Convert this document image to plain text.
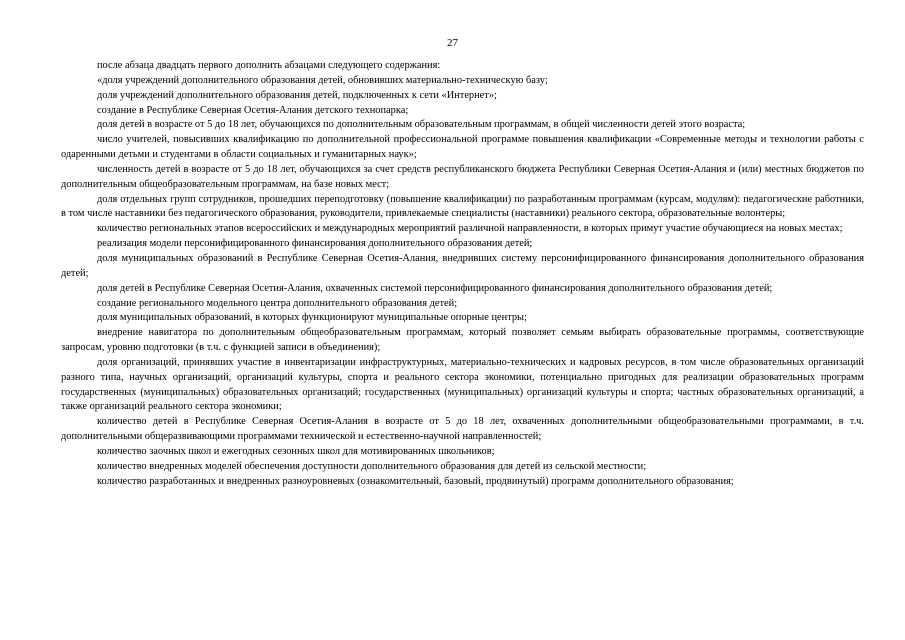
27

после абзаца двадцать первого дополнить абзацами следующего содержания:

«доля учреждений дополнительного образования детей, обновивших материально-техническую базу;

доля учреждений дополнительного образования детей, подключенных к сети «Интернет»;

создание в Республике Северная Осетия-Алания детского технопарка;

доля детей в возрасте от 5 до 18 лет, обучающихся по дополнительным образовательным программам, в общей численности детей этого возраста;

число учителей, повысивших квалификацию по дополнительной профессиональной программе повышения квалификации «Современные методы и технологии работы с одаренными детьми и студентами в области социальных и гуманитарных наук»;

численность детей в возрасте от 5 до 18 лет, обучающихся за счет средств республиканского бюджета Республики Северная Осетия-Алания и (или) местных бюджетов по дополнительным общеобразовательным программам, на базе новых мест;

доля отдельных групп сотрудников, прошедших переподготовку (повышение квалификации) по разработанным программам (курсам, модулям): педагогические работники, в том числе наставники без педагогического образования, руководители, привлекаемые специалисты (наставники) реального сектора, образовательные волонтеры;

количество региональных этапов всероссийских и международных мероприятий различной направленности, в которых примут участие обучающиеся на новых местах;

реализация модели персонифицированного финансирования дополнительного образования детей;

доля муниципальных образований в Республике Северная Осетия-Алания, внедривших систему персонифицированного финансирования дополнительного образования детей;

доля детей в Республике Северная Осетия-Алания, охваченных системой персонифицированного финансирования дополнительного образования детей;

создание регионального модельного центра дополнительного образования детей;

доля муниципальных образований, в которых функционируют муниципальные опорные центры;

внедрение навигатора по дополнительным общеобразовательным программам, который позволяет семьям выбирать образовательные программы, соответствующие запросам, уровню подготовки (в т.ч. с функцией записи в объединения);

доля организаций, принявших участие в инвентаризации инфраструктурных, материально-технических и кадровых ресурсов, в том числе образовательных организаций разного типа, научных организаций, организаций культуры, спорта и реального сектора экономики, потенциально пригодных для реализации образовательных программ государственных (муниципальных) образовательных организаций; государственных (муниципальных) организаций культуры и спорта; частных образовательных организаций, а также организаций реального сектора экономики;

количество детей в Республике Северная Осетия-Алания в возрасте от 5 до 18 лет, охваченных дополнительными общеобразовательными программами, в т.ч. дополнительными общеразвивающими программами технической и естественно-научной направленностей;

количество заочных школ и ежегодных сезонных школ для мотивированных школьников;

количество внедренных моделей обеспечения доступности дополнительного образования для детей из сельской местности;

количество разработанных и внедренных разноуровневых (ознакомительный, базовый, продвинутый) программ дополнительного образования;
